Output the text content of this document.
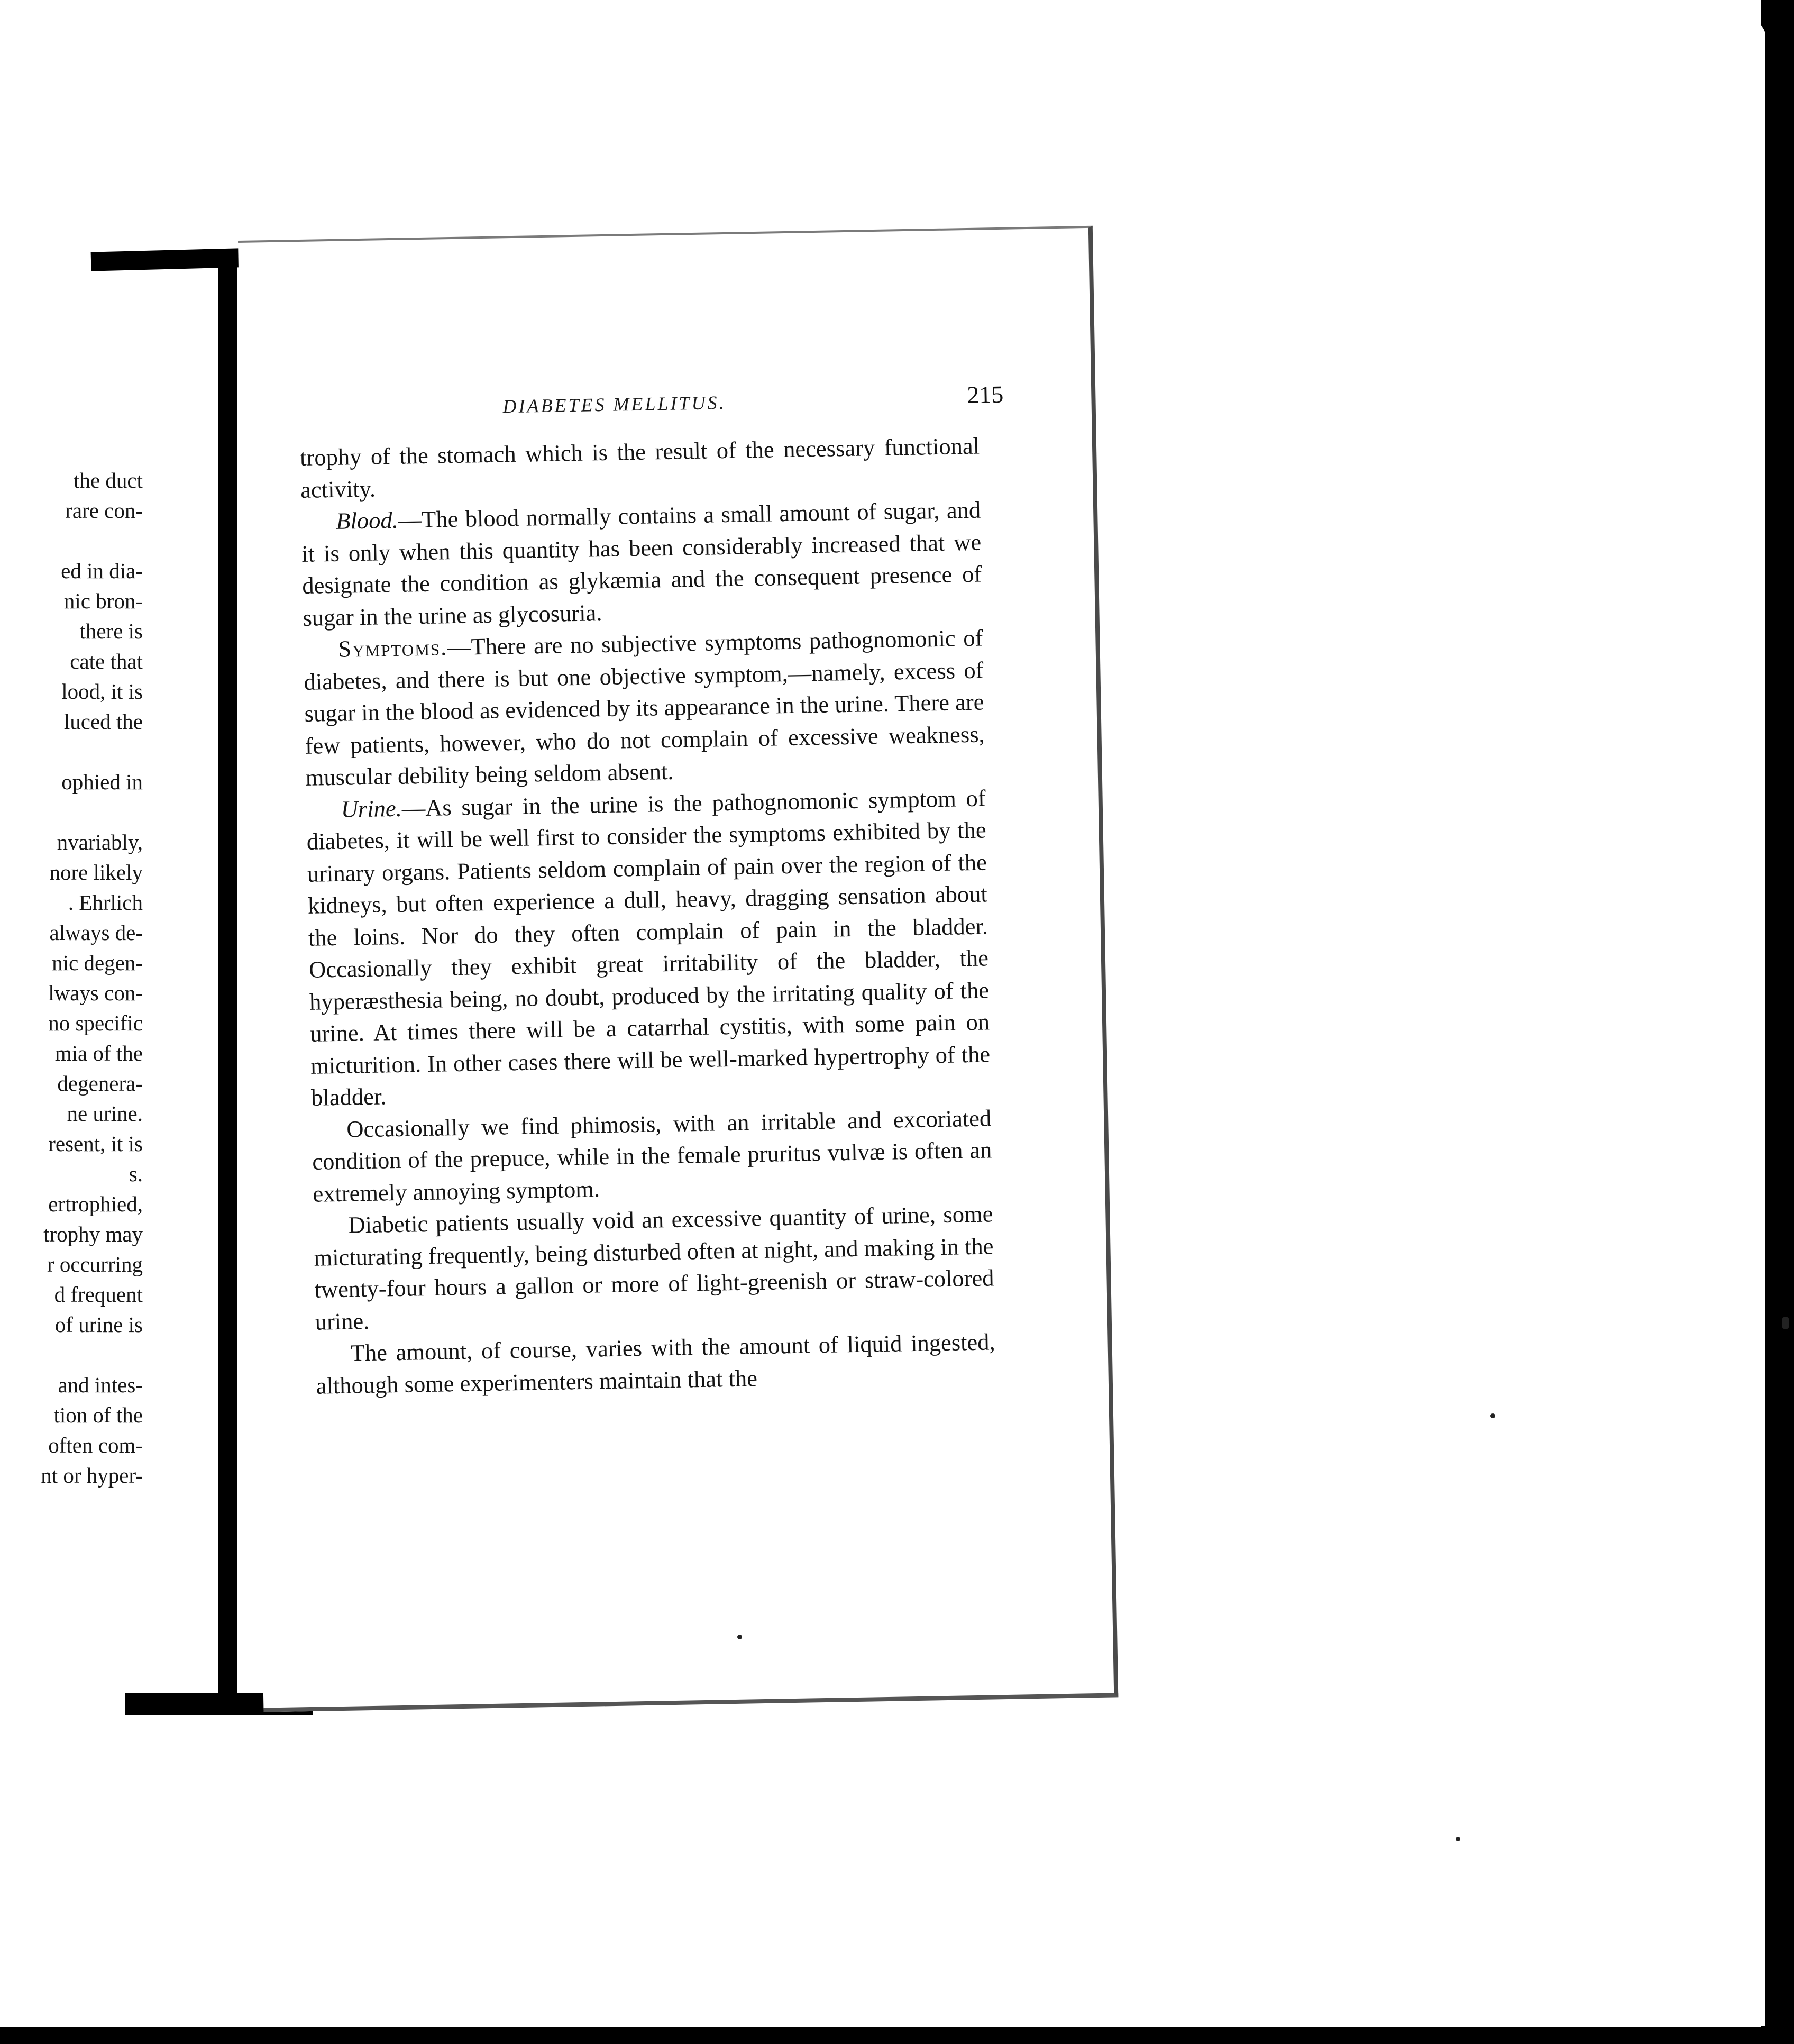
the duct
rare con-
ed in dia-
nic bron-
there is
cate that
lood, it is
luced the
ophied in
nvariably,
nore likely
. Ehrlich
always de-
nic degen-
lways con-
no specific
mia of the
degenera-
ne urine.
resent, it is
s.
ertrophied,
trophy may
r occurring
d frequent
of urine is
and intes-
tion of the
often com-
nt or hyper-
DIABETES MELLITUS.	215

trophy of the stomach which is the result of the necessary functional activity.

Blood.—The blood normally contains a small amount of sugar, and it is only when this quantity has been considerably increased that we designate the condition as glykæmia and the consequent presence of sugar in the urine as glycosuria.

Symptoms.—There are no subjective symptoms pathognomonic of diabetes, and there is but one objective symptom,—namely, excess of sugar in the blood as evidenced by its appearance in the urine. There are few patients, however, who do not complain of excessive weakness, muscular debility being seldom absent.

Urine.—As sugar in the urine is the pathognomonic symptom of diabetes, it will be well first to consider the symptoms exhibited by the urinary organs. Patients seldom complain of pain over the region of the kidneys, but often experience a dull, heavy, dragging sensation about the loins. Nor do they often complain of pain in the bladder. Occasionally they exhibit great irritability of the bladder, the hyperæsthesia being, no doubt, produced by the irritating quality of the urine. At times there will be a catarrhal cystitis, with some pain on micturition. In other cases there will be well-marked hypertrophy of the bladder.

Occasionally we find phimosis, with an irritable and excoriated condition of the prepuce, while in the female pruritus vulvæ is often an extremely annoying symptom.

Diabetic patients usually void an excessive quantity of urine, some micturating frequently, being disturbed often at night, and making in the twenty-four hours a gallon or more of light-greenish or straw-colored urine.

The amount, of course, varies with the amount of liquid ingested, although some experimenters maintain that the
